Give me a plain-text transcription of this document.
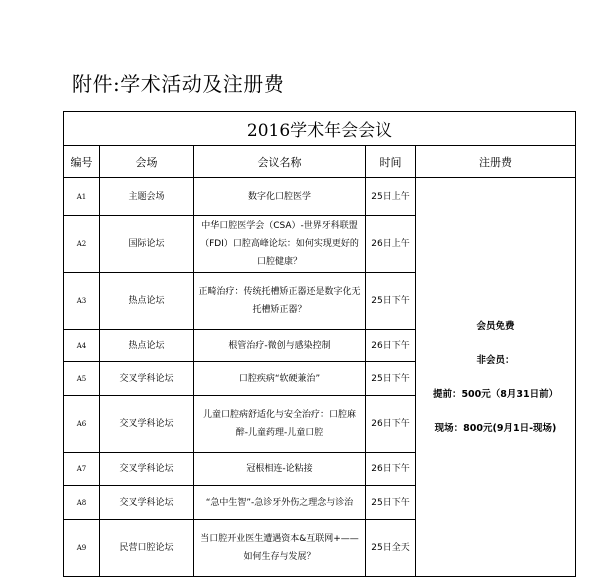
附件:学术活动及注册费
2016学术年会会议				
编号	会场	会议名称	时间	注册费
A1	主题会场	数字化口腔医学	25日上午	会员免费

非会员：

提前：500元（8月31日前）

现场：800元(9月1日-现场)

A2	国际论坛	中华口腔医学会（CSA）-世界牙科联盟（FDI）口腔高峰论坛：如何实现更好的口腔健康？	26日上午	
A3	热点论坛	正畸治疗：传统托槽矫正器还是数字化无托槽矫正器？	25日下午	
A4	热点论坛	根管治疗-微创与感染控制	26日下午	
A5	交叉学科论坛	口腔疾病“软硬兼治”	25日下午	
A6	交叉学科论坛	儿童口腔病舒适化与安全治疗：口腔麻醉-儿童药理-儿童口腔	26日下午	
A7	交叉学科论坛	冠根相连-论粘接	26日下午	
A8	交叉学科论坛	“急中生智”-急诊牙外伤之理念与诊治	25日下午	
A9	民营口腔论坛	当口腔开业医生遭遇资本&互联网+——如何生存与发展？	25日全天	
